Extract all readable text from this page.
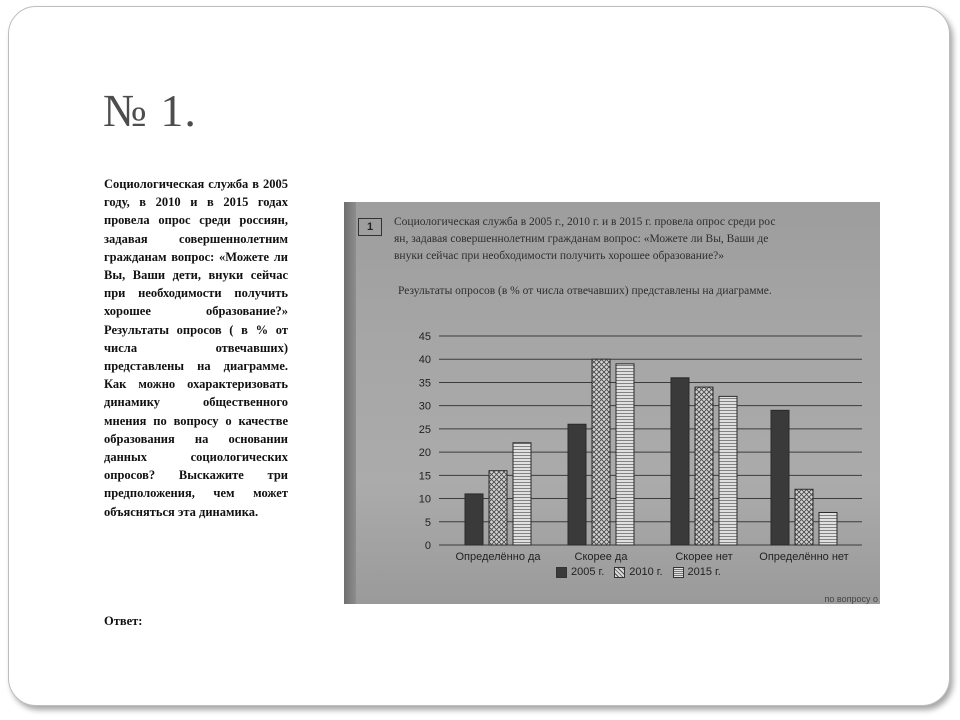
№ 1.

Социологическая служба в 2005 году, в 2010 и в 2015 годах провела опрос среди россиян, задавая совершеннолетним гражданам вопрос: «Можете ли Вы, Ваши дети, внуки сейчас при необходимости получить хорошее образование?» Результаты опросов ( в % от числа отвечавших) представлены на диаграмме. Как можно охарактеризовать динамику общественного мнения по вопросу о качестве образования на основании данных социологических опросов? Выскажите три предположения, чем может объясняться эта динамика.

Ответ:
1	Социологическая служба в 2005 г., 2010 г. и в 2015 г. провела опрос среди рос
ян, задавая совершеннолетним гражданам вопрос: «Можете ли Вы, Ваши де
внуки сейчас при необходимости получить хорошее образование?»

Результаты опросов (в % от числа отвечавших) представлены на диаграмме.
0
5
10
15
20
25
30
35
40
45
Определённо да	Скорее да	Скорее нет Определённо нет
2005 г. 2010 г. 2015 г.
по вопросу о
